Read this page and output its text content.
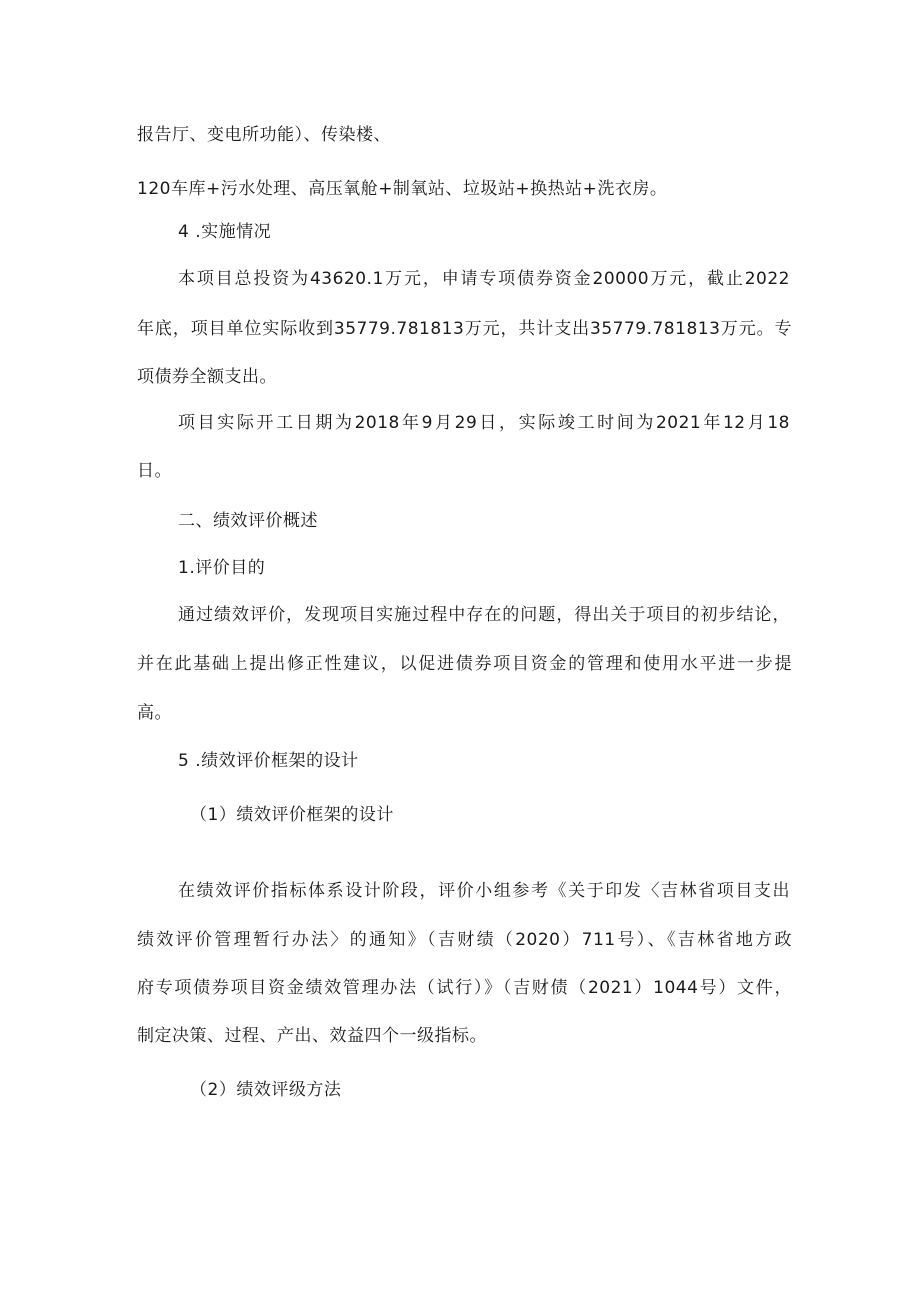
报告厅、变电所功能）、传染楼、
120车库+污水处理、高压氧舱+制氧站、垃圾站+换热站+洗衣房。
4 .实施情况
本项目总投资为43620.1万元，申请专项债券资金20000万元，截止2022
年底，项目单位实际收到35779.781813万元，共计支出35779.781813万元。专
项债券全额支出。
项目实际开工日期为2018年9月29日，实际竣工时间为2021年12月18
日。
二、绩效评价概述
1.评价目的
通过绩效评价，发现项目实施过程中存在的问题，得出关于项目的初步结论，
并在此基础上提出修正性建议，以促进债券项目资金的管理和使用水平进一步提
高。
5 .绩效评价框架的设计
（1）绩效评价框架的设计
在绩效评价指标体系设计阶段，评价小组参考《关于印发〈吉林省项目支出
绩效评价管理暂行办法〉的通知》（吉财绩（2020）711号）、《吉林省地方政
府专项债券项目资金绩效管理办法（试行）》（吉财债（2021）1044号）文件，
制定决策、过程、产出、效益四个一级指标。
（2）绩效评级方法
